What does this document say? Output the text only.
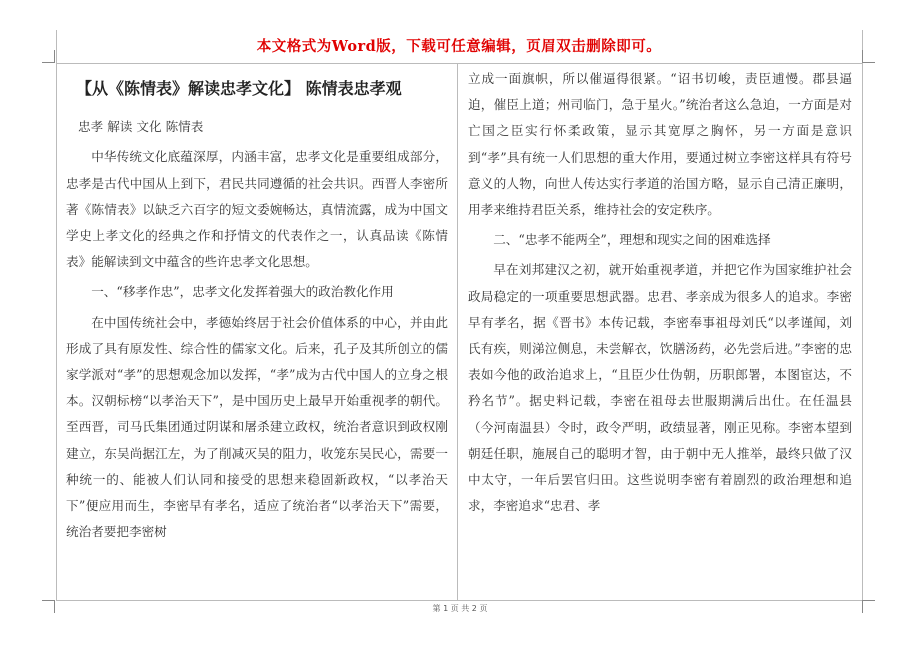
本文格式为Word版，下载可任意编辑，页眉双击删除即可。

【从《陈情表》解读忠孝文化】 陈情表忠孝观

忠孝 解读 文化 陈情表

中华传统文化底蕴深厚，内涵丰富，忠孝文化是重要组成部分，忠孝是古代中国从上到下，君民共同遵循的社会共识。西晋人李密所著《陈情表》以缺乏六百字的短文委婉畅达，真情流露，成为中国文学史上孝文化的经典之作和抒情文的代表作之一，认真品读《陈情表》能解读到文中蕴含的些许忠孝文化思想。

一、“移孝作忠”，忠孝文化发挥着强大的政治教化作用

在中国传统社会中，孝德始终居于社会价值体系的中心，并由此形成了具有原发性、综合性的儒家文化。后来，孔子及其所创立的儒家学派对“孝”的思想观念加以发挥，“孝”成为古代中国人的立身之根本。汉朝标榜“以孝治天下”，是中国历史上最早开始重视孝的朝代。至西晋，司马氏集团通过阴谋和屠杀建立政权，统治者意识到政权刚建立，东吴尚据江左，为了削减灭吴的阻力，收笼东吴民心，需要一种统一的、能被人们认同和接受的思想来稳固新政权，“以孝治天下”便应用而生，李密早有孝名，适应了统治者“以孝治天下”需要，统治者要把李密树

立成一面旗帜，所以催逼得很紧。“诏书切峻，责臣逋慢。郡县逼迫，催臣上道；州司临门，急于星火。”统治者这么急迫，一方面是对亡国之臣实行怀柔政策，显示其宽厚之胸怀，另一方面是意识到“孝”具有统一人们思想的重大作用，要通过树立李密这样具有符号意义的人物，向世人传达实行孝道的治国方略，显示自己清正廉明，用孝来维持君臣关系，维持社会的安定秩序。

二、“忠孝不能两全”，理想和现实之间的困难选择

早在刘邦建汉之初，就开始重视孝道，并把它作为国家维护社会政局稳定的一项重要思想武器。忠君、孝亲成为很多人的追求。李密早有孝名，据《晋书》本传记载，李密奉事祖母刘氏“以孝谨闻，刘氏有疾，则涕泣侧息，未尝解衣，饮膳汤药，必先尝后进。”李密的忠表如今他的政治追求上，“且臣少仕伪朝，历职郎署，本图宦达，不矜名节”。据史料记载，李密在祖母去世服期满后出仕。在任温县（今河南温县）令时，政令严明，政绩显著，刚正见称。李密本望到朝廷任职，施展自己的聪明才智，由于朝中无人推举，最终只做了汉中太守，一年后罢官归田。这些说明李密有着剧烈的政治理想和追求，李密追求“忠君、孝

第 1 页 共 2 页
